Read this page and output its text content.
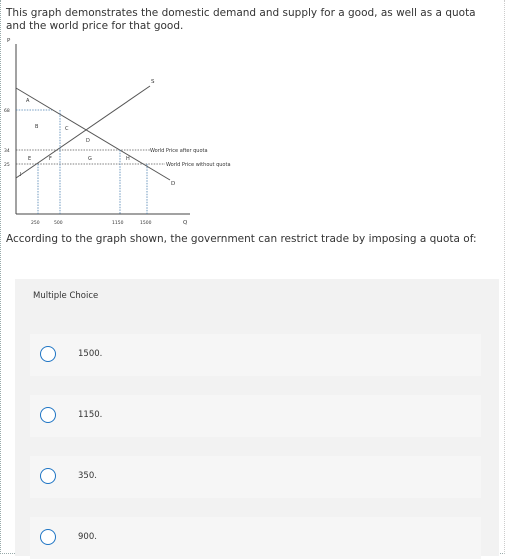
This graph demonstrates the domestic demand and supply for a good, as well as a quota and the world price for that good.
P
Q
S
D
68
34
25
250	500	1150	1500
A
B	C
D
E	F	G	H
I
World Price after quota
World Price without quota
According to the graph shown, the government can restrict trade by imposing a quota of:
Multiple Choice
1500.
1150.
350.
900.
